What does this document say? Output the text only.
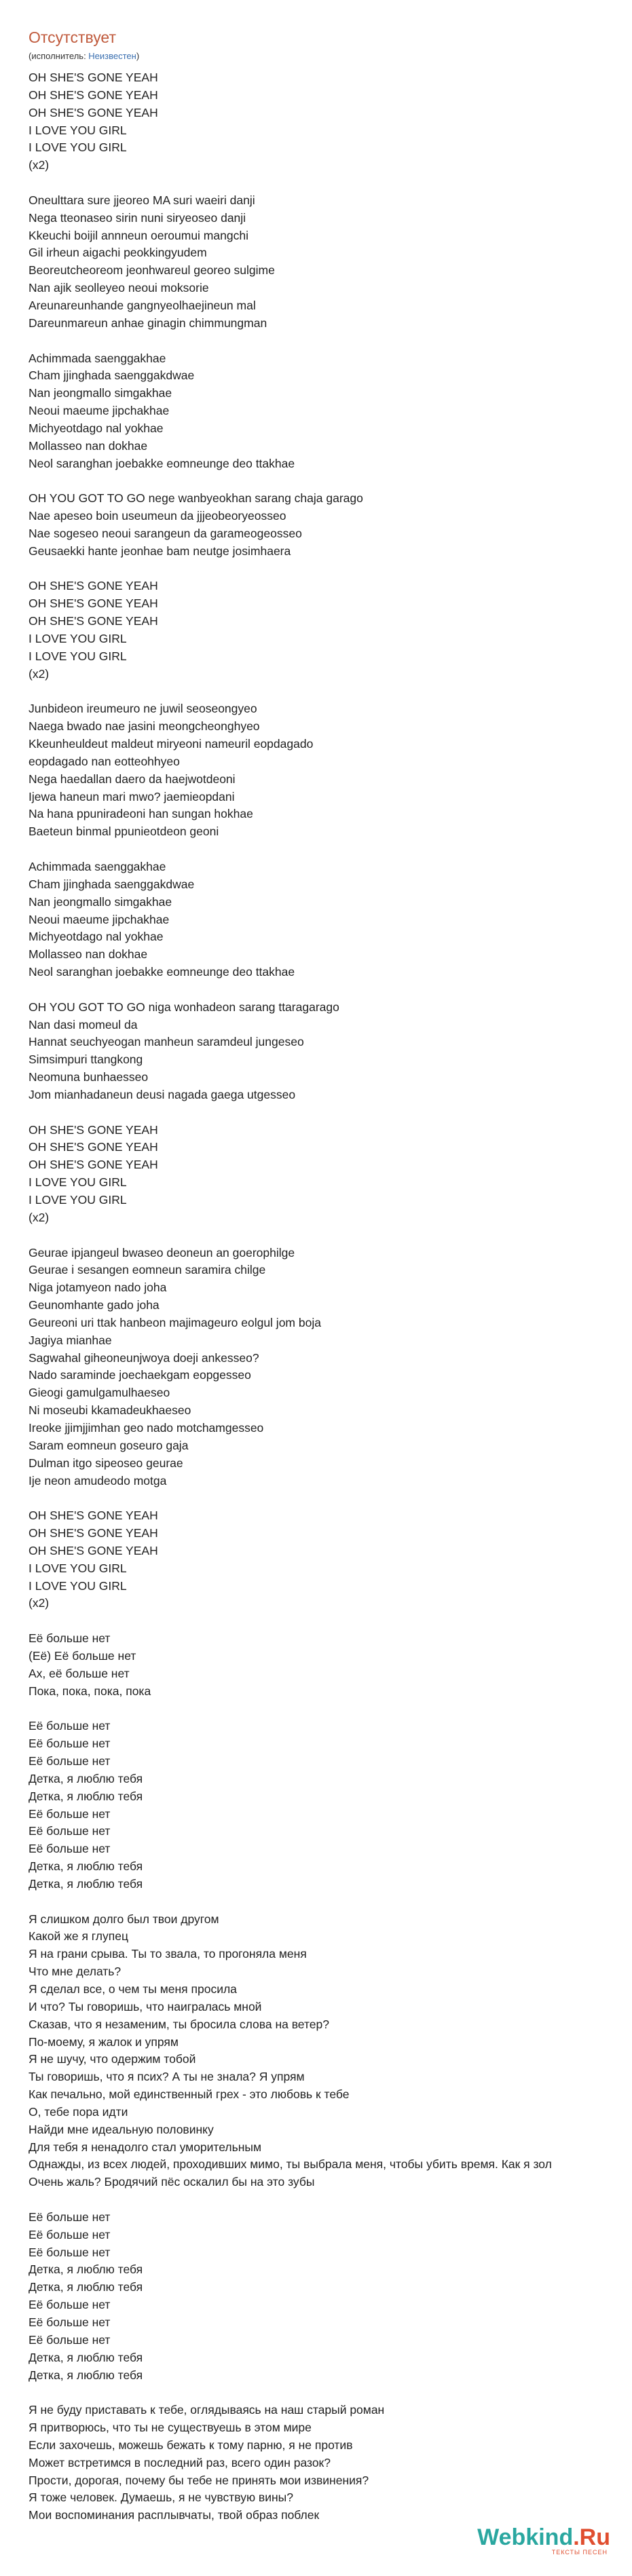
Отсутствует
(исполнитель: Неизвестен)
OH SHE'S GONE YEAH
OH SHE'S GONE YEAH
OH SHE'S GONE YEAH
I LOVE YOU GIRL
I LOVE YOU GIRL
(x2)
Oneulttara sure jjeoreo MA suri waeiri danji
Nega tteonaseo sirin nuni siryeoseo danji
Kkeuchi boijil annneun oeroumui mangchi
Gil irheun aigachi peokkingyudem
Beoreutcheoreom jeonhwareul georeo sulgime
Nan ajik seolleyeo neoui moksorie
Areunareunhande gangnyeolhaejineun mal
Dareunmareun anhae ginagin chimmungman
Achimmada saenggakhae
Cham jjinghada saenggakdwae
Nan jeongmallo simgakhae
Neoui maeume jipchakhae
Michyeotdago nal yokhae
Mollasseo nan dokhae
Neol saranghan joebakke eomneunge deo ttakhae
OH YOU GOT TO GO nege wanbyeokhan sarang chaja garago
Nae apeseo boin useumeun da jjjeobeoryeosseo
Nae sogeseo neoui sarangeun da garameogeosseo
Geusaekki hante jeonhae bam neutge josimhaera
OH SHE'S GONE YEAH
OH SHE'S GONE YEAH
OH SHE'S GONE YEAH
I LOVE YOU GIRL
I LOVE YOU GIRL
(x2)
Junbideon ireumeuro ne juwil seoseongyeo
Naega bwado nae jasini meongcheonghyeo
Kkeunheuldeut maldeut miryeoni nameuril eopdagado
eopdagado nan eotteohhyeo
Nega haedallan daero da haejwotdeoni
Ijewa haneun mari mwo? jaemieopdani
Na hana ppuniradeoni han sungan hokhae
Baeteun binmal ppunieotdeon geoni
Achimmada saenggakhae
Cham jjinghada saenggakdwae
Nan jeongmallo simgakhae
Neoui maeume jipchakhae
Michyeotdago nal yokhae
Mollasseo nan dokhae
Neol saranghan joebakke eomneunge deo ttakhae
OH YOU GOT TO GO niga wonhadeon sarang ttaragarago
Nan dasi momeul da
Hannat seuchyeogan manheun saramdeul jungeseo
Simsimpuri ttangkong
Neomuna bunhaesseo
Jom mianhadaneun deusi nagada gaega utgesseo
OH SHE'S GONE YEAH
OH SHE'S GONE YEAH
OH SHE'S GONE YEAH
I LOVE YOU GIRL
I LOVE YOU GIRL
(x2)
Geurae ipjangeul bwaseo deoneun an goerophilge
Geurae i sesangen eomneun saramira chilge
Niga jotamyeon nado joha
Geunomhante gado joha
Geureoni uri ttak hanbeon majimageuro eolgul jom boja
Jagiya mianhae
Sagwahal giheoneunjwoya doeji ankesseo?
Nado saraminde joechaekgam eopgesseo
Gieogi gamulgamulhaeseo
Ni moseubi kkamadeukhaeseo
Ireoke jjimjjimhan geo nado motchamgesseo
Saram eomneun goseuro gaja
Dulman itgo sipeoseo geurae
Ije neon amudeodo motga
OH SHE'S GONE YEAH
OH SHE'S GONE YEAH
OH SHE'S GONE YEAH
I LOVE YOU GIRL
I LOVE YOU GIRL
(x2)
Её больше нет
(Её) Её больше нет
Ах, её больше нет
Пока, пока, пока, пока
Её больше нет
Её больше нет
Её больше нет
Детка, я люблю тебя
Детка, я люблю тебя
Её больше нет
Её больше нет
Её больше нет
Детка, я люблю тебя
Детка, я люблю тебя
Я слишком долго был твои другом
Какой же я глупец
Я на грани срыва. Ты то звала, то прогоняла меня
Что мне делать?
Я сделал все, о чем ты меня просила
И что? Ты говоришь, что наигралась мной
Сказав, что я незаменим, ты бросила слова на ветер?
По-моему, я жалок и упрям
Я не шучу, что одержим тобой
Ты говоришь, что я псих? А ты не знала? Я упрям
Как печально, мой единственный грех - это любовь к тебе
О, тебе пора идти
Найди мне идеальную половинку
Для тебя я ненадолго стал уморительным
Однажды, из всех людей, проходивших мимо, ты выбрала меня, чтобы убить время. Как я зол
Очень жаль? Бродячий пёс оскалил бы на это зубы
Её больше нет
Её больше нет
Её больше нет
Детка, я люблю тебя
Детка, я люблю тебя
Её больше нет
Её больше нет
Её больше нет
Детка, я люблю тебя
Детка, я люблю тебя
Я не буду приставать к тебе, оглядываясь на наш старый роман
Я притворюсь, что ты не существуешь в этом мире
Если захочешь, можешь бежать к тому парню, я не против
Может встретимся в последний раз, всего один разок?
Прости, дорогая, почему бы тебе не принять мои извинения?
Я тоже человек. Думаешь, я не чувствую вины?
Мои воспоминания расплывчаты, твой образ поблек
Webkind.Ru
ТЕКСТЫ ПЕСЕН
